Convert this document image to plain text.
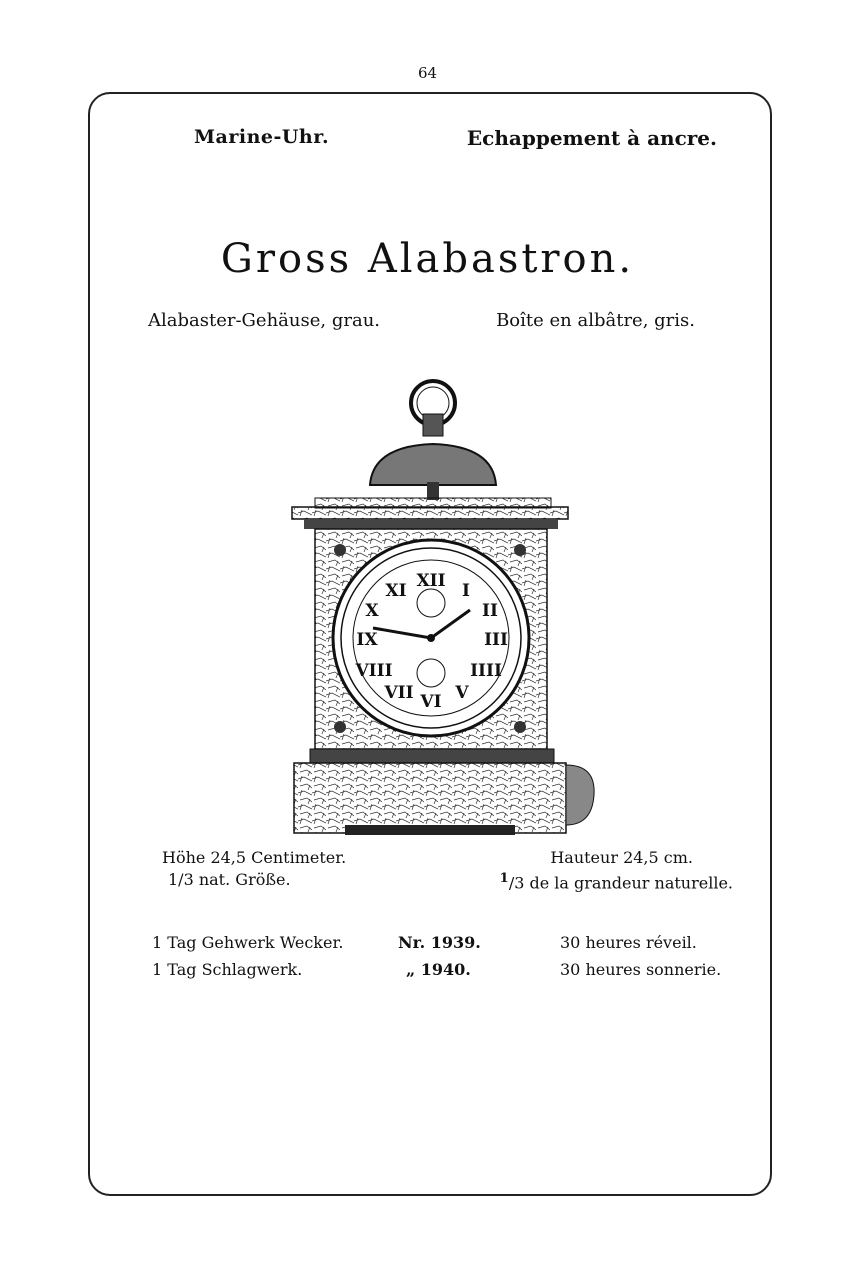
64
Marine-Uhr.	Echappement à ancre.
Gross Alabastron.
Alabaster-Gehäuse, grau.	Boîte en albâtre, gris.
XII I
II
III
IIII
V
VI
VII
VIII
IX
X
XI
Höhe 24,5 Centimeter.
1/3 nat. Größe.
Hauteur 24,5 cm.
$^1$/3 de la grandeur naturelle.
1 Tag Gehwerk Wecker.	Nr. 1939.	30 heures réveil.
1 Tag Schlagwerk.	„ 1940.	30 heures sonnerie.
